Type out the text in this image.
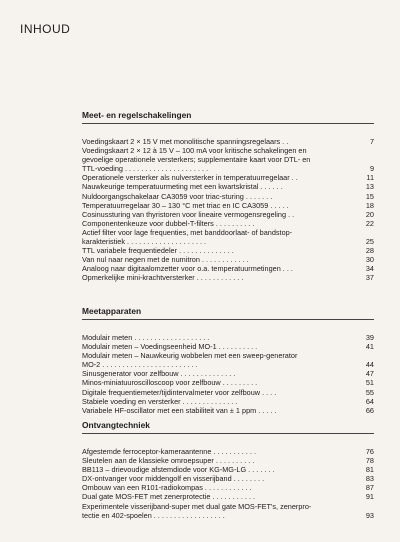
INHOUD
Meet- en regelschakelingen
Voedingskaart 2 × 15 V met monolitische spanningsregelaars . .	7
Voedingskaart 2 × 12 à 15 V – 100 mA voor kritische schakelingen en
gevoelige operationele versterkers; supplementaire kaart voor DTL- en
TTL-voeding . . . . . . . . . . . . . . . . . . . . .	9
Operationele versterker als nulversterker in temperatuurregelaar . .	11
Nauwkeurige temperatuurmeting met een kwartskristal . . . . . .	13
Nuldoorgangschakelaar CA3059 voor triac-sturing . . . . . . .	15
Temperatuurregelaar 30 – 130 °C met triac en IC CA3059 . . . . .	18
Cosinussturing van thyristoren voor lineaire vermogensregeling . .	20
Componentenkeuze voor dubbel-T-filters . . . . . . . . . .	22
Actief filter voor lage frequenties, met banddoorlaat- of bandstop-
karakteristiek . . . . . . . . . . . . . . . . . . . .	25
TTL variabele frequentiedeler . . . . . . . . . . . . . .	28
Van nul naar negen met de numitron . . . . . . . . . . . .	30
Analoog naar digitaalomzetter voor o.a. temperatuurmetingen . . .	34
Opmerkelijke mini-krachtversterker . . . . . . . . . . . .	37
Meetapparaten
Modulair meten . . . . . . . . . . . . . . . . . . .	39
Modulair meten – Voedingseenheid MO-1 . . . . . . . . . .	41
Modulair meten – Nauwkeurig wobbelen met een sweep-generator
MO-2 . . . . . . . . . . . . . . . . . . . . . . . .	44
Sinusgenerator voor zelfbouw . . . . . . . . . . . . . .	47
Minos-miniatuuroscilloscoop voor zelfbouw . . . . . . . . .	51
Digitale frequentiemeter/tijdintervalmeter voor zelfbouw . . . .	55
Stabiele voeding en versterker . . . . . . . . . . . . . .	64
Variabele HF-oscillator met een stabiliteit van ± 1 ppm . . . . .	66
Ontvangtechniek
Afgestemde ferroceptor-kameraantenne . . . . . . . . . . .	76
Sleutelen aan de klassieke omroepsuper . . . . . . . . . .	78
BB113 – drievoudige afstemdiode voor KG-MG-LG . . . . . . .	81
DX-ontvanger voor middengolf en visserijband . . . . . . . .	83
Ombouw van een R101-radiokompas . . . . . . . . . . . .	87
Dual gate MOS-FET met zenerprotectie . . . . . . . . . . .	91
Experimentele visserijband-super met dual gate MOS-FET's, zenerpro-
tectie en 402-spoelen . . . . . . . . . . . . . . . . . .	93
